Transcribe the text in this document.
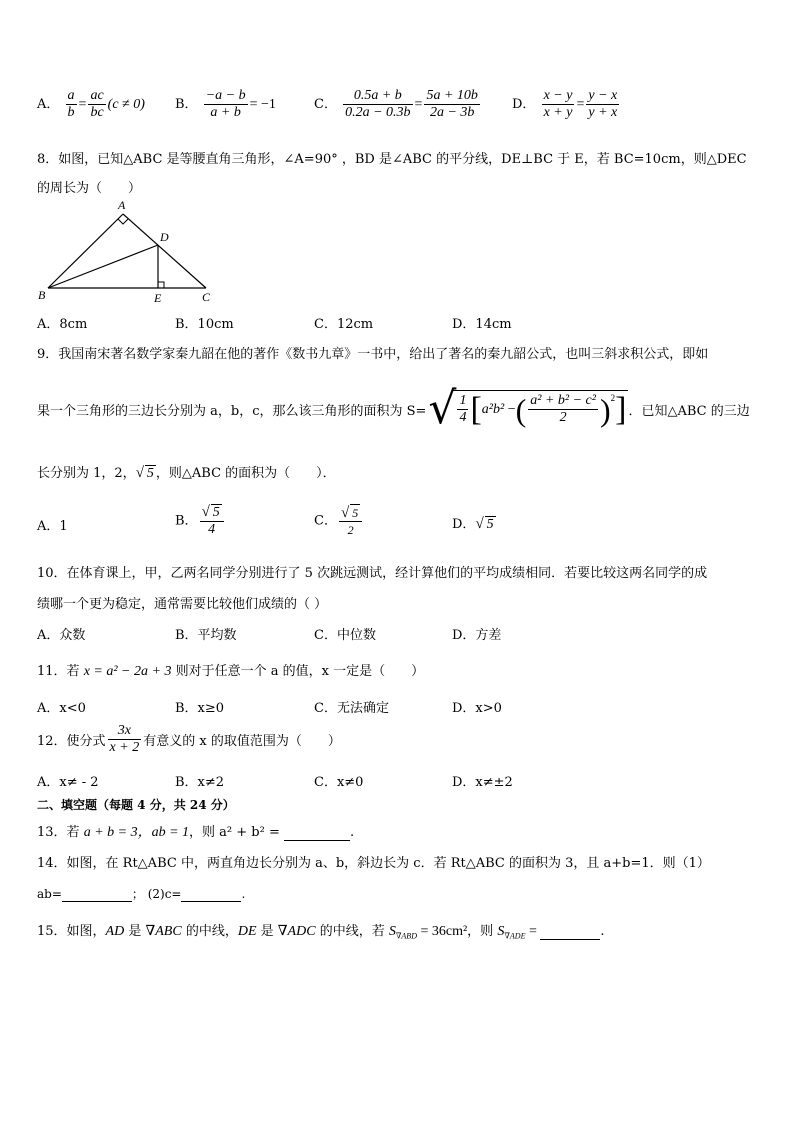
A． $\frac{a}{b} = \frac{ac}{bc} (c \ne 0)$ B． $\frac{-a - b}{a + b} = -1$	C． $\frac{0.5a + b}{0.2a - 0.3b} = \frac{5a + 10b}{2a - 3b}$ D． $\frac{x - y}{x + y} = \frac{y - x}{y + x}$
8．如图，已知△ABC 是等腰直角三角形，∠A=90° ，BD 是∠ABC 的平分线，DE⊥BC 于 E，若 BC=10cm，则△DEC
的周长为（　　）
A
B	C
D
E
A．8cm	B．10cm	C．12cm	D．14cm
9．我国南宋著名数学家秦九韶在他的著作《数书九章》一书中，给出了著名的秦九韶公式，也叫三斜求积公式，即如
果一个三角形的三边长分别为 a，b，c，那么该三角形的面积为 S= √ $\frac{1}{4}$ [ a²b² − ( $\frac{\text{a² + b² − c²}}{2} )^2$ ] ．已知△ABC 的三边
长分别为 1，2，√ 5 ，则△ABC 的面积为（　　）．
A．1	B． $\frac{√ 5}{4}$	C． $\frac{√ 5}{2}$	D．√ 5
10．在体育课上，甲，乙两名同学分别进行了 5 次跳远测试，经计算他们的平均成绩相同．若要比较这两名同学的成
绩哪一个更为稳定，通常需要比较他们成绩的（ ）
A．众数	B．平均数	C．中位数	D．方差
11．若 x = a² − 2a + 3 则对于任意一个 a 的值，x 一定是（　　）
A．x<0	B．x≥0	C．无法确定	D．x>0
12．使分式 $\frac{3x}{x + 2}$ 有意义的 x 的取值范围为（　　）
A．x≠ - 2	B．x≠2	C．x≠0	D．x≠±2
二、填空题（每题 4 分，共 24 分）
13．若 a + b = 3，ab = 1，则 a² + b² =	.
14．如图，在 Rt△ABC 中，两直角边长分别为 a、b，斜边长为 c．若 Rt△ABC 的面积为 3，且 a+b=1．则（1）
ab=	； (2)c=	.
15．如图，AD 是 ∇ABC 的中线，DE 是 ∇ADC 的中线，若 $S_{\nabla ABD} = 36cm^2$，则 $S_{\nabla ADE}$ =	.
